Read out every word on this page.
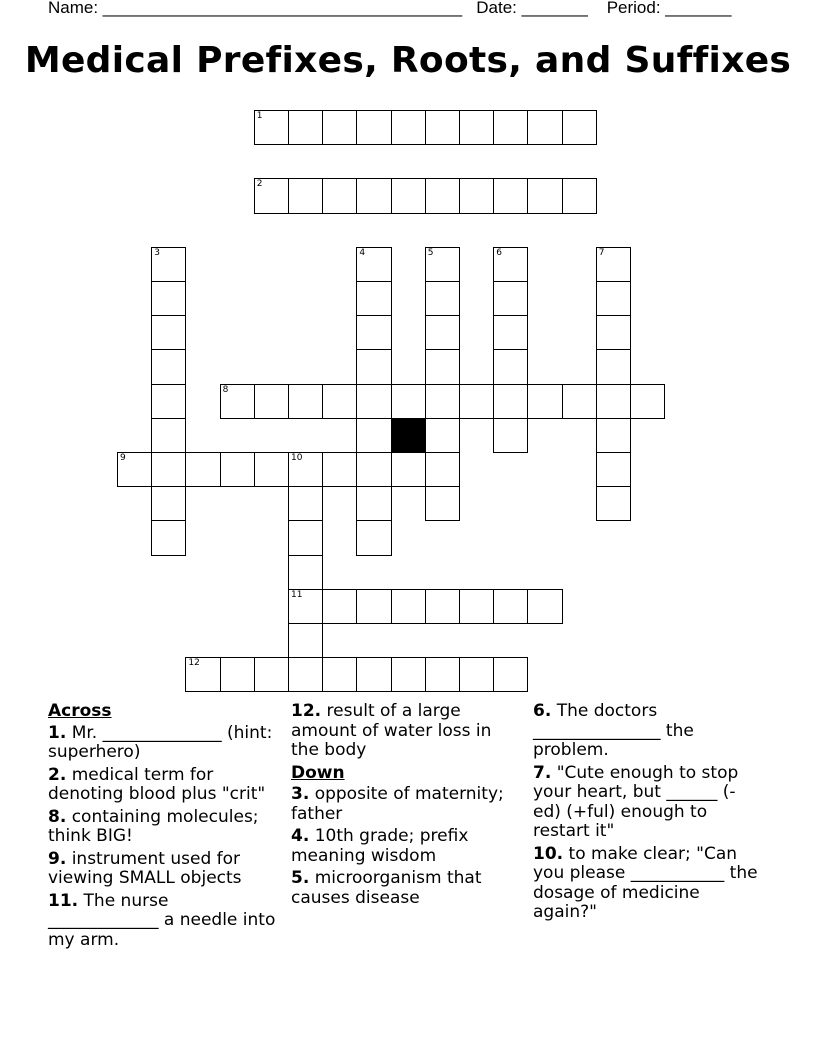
Name: ______________________________________ Date: _______ Period: _______

Medical Prefixes, Roots, and Suffixes
1
2
3	4	5	6	7
8
9	10
11
12
Across
1. Mr. ______________ (hint: superhero)
2. medical term for denoting blood plus "crit"
8. containing molecules; think BIG!
9. instrument used for viewing SMALL objects
11. The nurse _____________ a needle into my arm.
12. result of a large amount of water loss in the body
Down
3. opposite of maternity; father
4. 10th grade; prefix meaning wisdom
5. microorganism that causes disease
6. The doctors _______________ the problem.
7. "Cute enough to stop your heart, but ______ (-ed) (+ful) enough to restart it"
10. to make clear; "Can you please ___________ the dosage of medicine again?"
